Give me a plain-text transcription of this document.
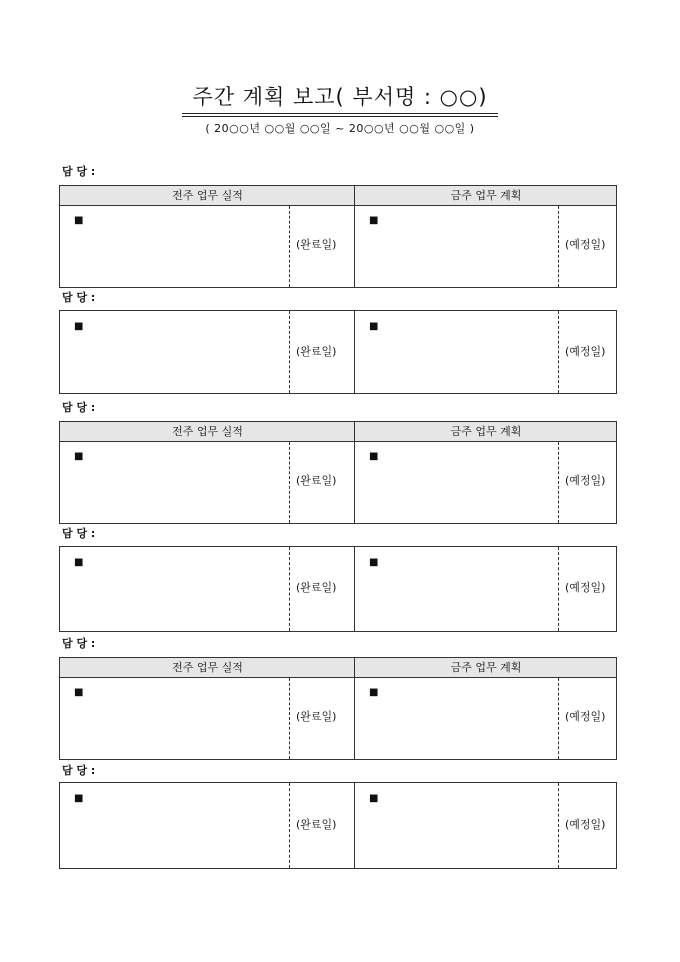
주간 계획 보고( 부서명 : ○○)
( 20○○년 ○○월 ○○일 ~ 20○○년 ○○월 ○○일 )
담 당 :
전주 업무 실적	금주 업무 계획
■	■
(완료일)	(예정일)
담 당 :
■	■
(완료일)	(예정일)
담 당 :
전주 업무 실적	금주 업무 계획
■	■
(완료일)	(예정일)
담 당 :
■	■
(완료일)	(예정일)
담 당 :
전주 업무 실적	금주 업무 계획
■	■
(완료일)	(예정일)
담 당 :
■	■
(완료일)	(예정일)
